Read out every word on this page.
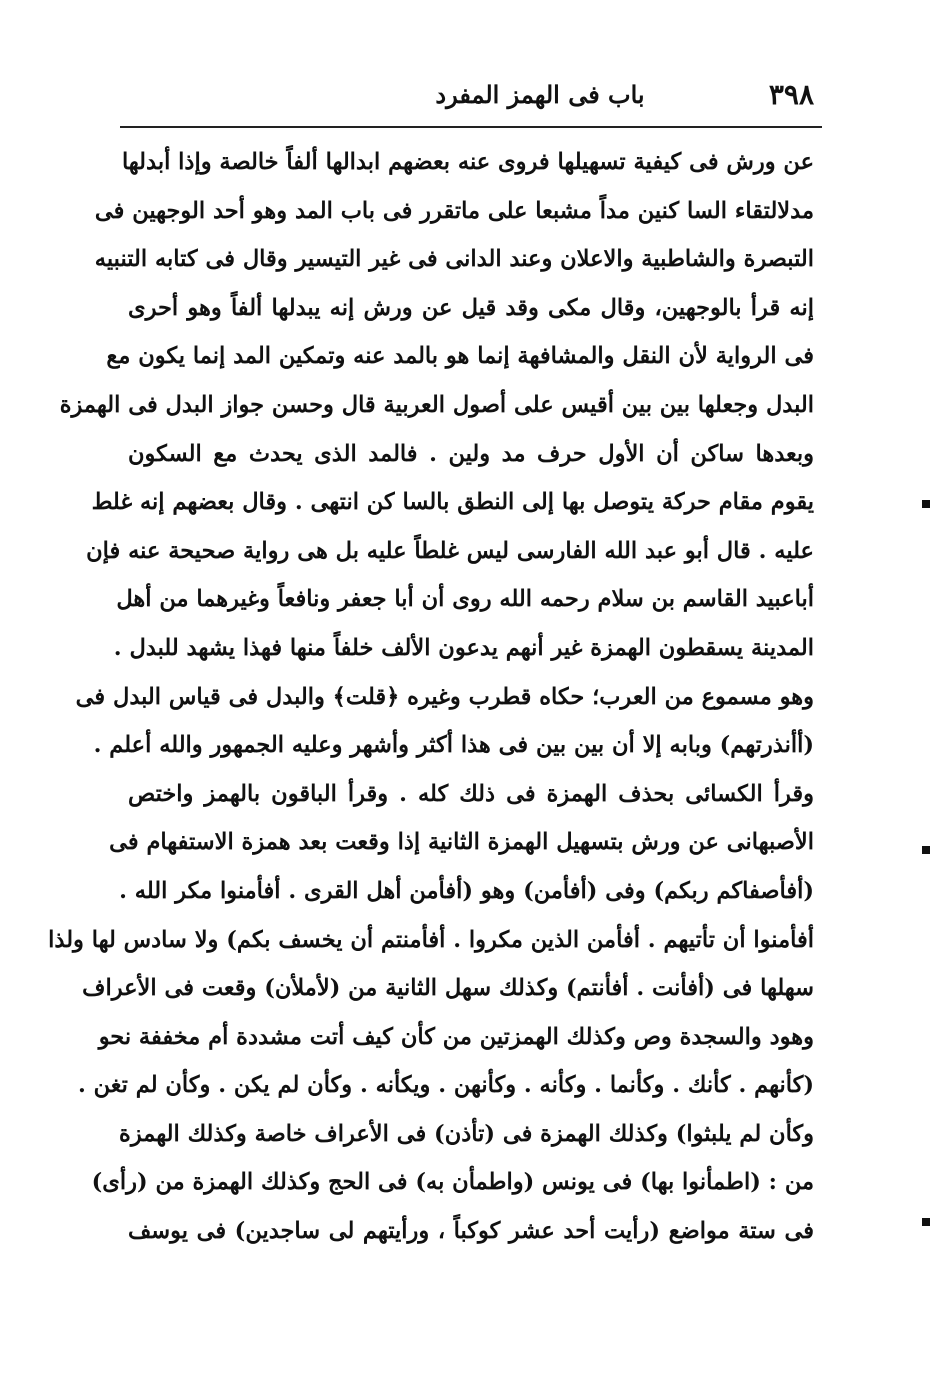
٣٩٨
باب فى الهمز المفرد
عن ورش فى كيفية تسهيلها فروى عنه بعضهم ابدالها ألفاً خالصة وإذا أبدلها
مدلالتقاء السا كنين مداً مشبعا على ماتقرر فى باب المد وهو أحد الوجهين فى
التبصرة والشاطبية والاعلان وعند الدانى فى غير التيسير وقال فى كتابه التنبيه
إنه قرأ بالوجهين، وقال مكى وقد قيل عن ورش إنه يبدلها ألفاً وهو أحرى
فى الرواية لأن النقل والمشافهة إنما هو بالمد عنه وتمكين المد إنما يكون مع
البدل وجعلها بين بين أقيس على أصول العربية قال وحسن جواز البدل فى الهمزة
وبعدها ساكن أن الأول حرف مد ولين . فالمد الذى يحدث مع السكون
يقوم مقام حركة يتوصل بها إلى النطق بالسا كن انتهى . وقال بعضهم إنه غلط
عليه . قال أبو عبد الله الفارسى ليس غلطاً عليه بل هى رواية صحيحة عنه فإن
أباعبيد القاسم بن سلام رحمه الله روى أن أبا جعفر ونافعاً وغيرهما من أهل
المدينة يسقطون الهمزة غير أنهم يدعون الألف خلفاً منها فهذا يشهد للبدل .
وهو مسموع من العرب؛ حكاه قطرب وغيره ﴿قلت﴾ والبدل فى قياس البدل فى
(أأنذرتهم) وبابه إلا أن بين بين فى هذا أكثر وأشهر وعليه الجمهور والله أعلم .
وقرأ الكسائى بحذف الهمزة فى ذلك كله . وقرأ الباقون بالهمز واختص
الأصبهانى عن ورش بتسهيل الهمزة الثانية إذا وقعت بعد همزة الاستفهام فى
(أفأصفاكم ربكم) وفى (أفأمن) وهو (أفأمن أهل القرى . أفأمنوا مكر الله .
أفأمنوا أن تأتيهم . أفأمن الذين مكروا . أفأمنتم أن يخسف بكم) ولا سادس لها ولذا
سهلها فى (أفأنت . أفأنتم) وكذلك سهل الثانية من (لأملأن) وقعت فى الأعراف
وهود والسجدة وص وكذلك الهمزتين من كأن كيف أتت مشددة أم مخففة نحو
(كأنهم . كأنك . وكأنما . وكأنه . وكأنهن . ويكأنه . وكأن لم يكن . وكأن لم تغن .
وكأن لم يلبثوا) وكذلك الهمزة فى (تأذن) فى الأعراف خاصة وكذلك الهمزة
من : (اطمأنوا بها) فى يونس (واطمأن به) فى الحج وكذلك الهمزة من (رأى)
فى ستة مواضع (رأيت أحد عشر كوكباً ، ورأيتهم لى ساجدين) فى يوسف
